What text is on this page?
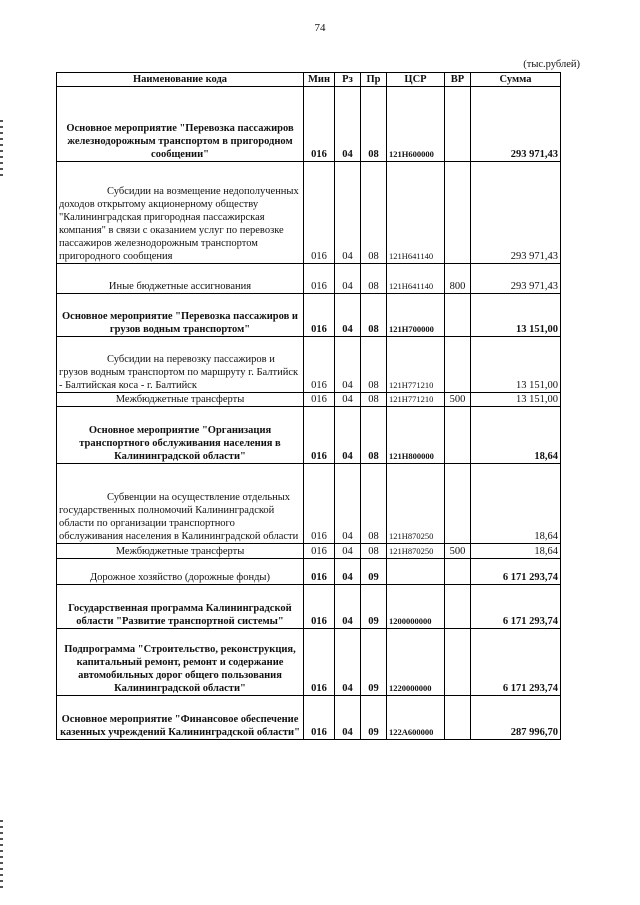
74
(тыс.рублей)
Наименование кода	Мин	Рз	Пр	ЦСР	ВР	Сумма
Основное мероприятие "Перевозка пассажиров железнодорожным транспортом в пригородном сообщении"	016	04	08	121Н600000		293 971,43
Субсидии на возмещение недополученных доходов открытому акционерному обществу "Калининградская пригородная пассажирская компания" в связи с оказанием услуг по перевозке пассажиров железнодорожным транспортом пригородного сообщения	016	04	08	121Н641140		293 971,43
Иные бюджетные ассигнования	016	04	08	121Н641140	800	293 971,43
Основное мероприятие "Перевозка пассажиров и грузов водным транспортом"	016	04	08	121Н700000		13 151,00
Субсидии на перевозку пассажиров и грузов водным транспортом по маршруту г. Балтийск - Балтийская коса - г. Балтийск	016	04	08	121Н771210		13 151,00
Межбюджетные трансферты	016	04	08	121Н771210	500	13 151,00
Основное мероприятие "Организация транспортного обслуживания населения в Калининградской области"	016	04	08	121Н800000		18,64
Субвенции на осуществление отдельных государственных полномочий Калининградской области по организации транспортного обслуживания населения в Калининградской области	016	04	08	121Н870250		18,64
Межбюджетные трансферты	016	04	08	121Н870250	500	18,64
Дорожное хозяйство (дорожные фонды)	016	04	09			6 171 293,74
Государственная программа Калининградской области "Развитие транспортной системы"	016	04	09	1200000000		6 171 293,74
Подпрограмма "Строительство, реконструкция, капитальный ремонт, ремонт и содержание автомобильных дорог общего пользования Калининградской области"	016	04	09	1220000000		6 171 293,74
Основное мероприятие "Финансовое обеспечение казенных учреждений Калининградской области"	016	04	09	122А600000		287 996,70
